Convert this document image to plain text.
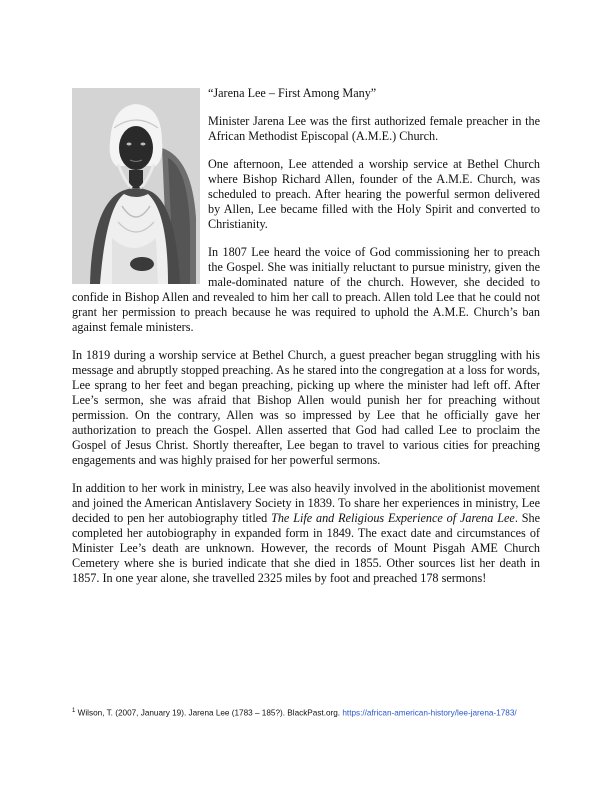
“Jarena Lee – First Among Many”

Minister Jarena Lee was the first authorized female preacher in the African Methodist Episcopal (A.M.E.) Church.

One afternoon, Lee attended a worship service at Bethel Church where Bishop Richard Allen, founder of the A.M.E. Church, was scheduled to preach. After hearing the powerful sermon delivered by Allen, Lee became filled with the Holy Spirit and converted to Christianity.

In 1807 Lee heard the voice of God commissioning her to preach the Gospel. She was initially reluctant to pursue ministry, given the male-dominated nature of the church. However, she decided to confide in Bishop Allen and revealed to him her call to preach. Allen told Lee that he could not grant her permission to preach because he was required to uphold the A.M.E. Church’s ban against female ministers.

In 1819 during a worship service at Bethel Church, a guest preacher began struggling with his message and abruptly stopped preaching. As he stared into the congregation at a loss for words, Lee sprang to her feet and began preaching, picking up where the minister had left off. After Lee’s sermon, she was afraid that Bishop Allen would punish her for preaching without permission. On the contrary, Allen was so impressed by Lee that he officially gave her authorization to preach the Gospel. Allen asserted that God had called Lee to proclaim the Gospel of Jesus Christ. Shortly thereafter, Lee began to travel to various cities for preaching engagements and was highly praised for her powerful sermons.

In addition to her work in ministry, Lee was also heavily involved in the abolitionist movement and joined the American Antislavery Society in 1839. To share her experiences in ministry, Lee decided to pen her autobiography titled The Life and Religious Experience of Jarena Lee. She completed her autobiography in expanded form in 1849. The exact date and circumstances of Minister Lee’s death are unknown. However, the records of Mount Pisgah AME Church Cemetery where she is buried indicate that she died in 1855. Other sources list her death in 1857. In one year alone, she travelled 2325 miles by foot and preached 178 sermons!

$^1$ Wilson, T. (2007, January 19). Jarena Lee (1783 – 185?). BlackPast.org. https://african-american-history/lee-jarena-1783/
